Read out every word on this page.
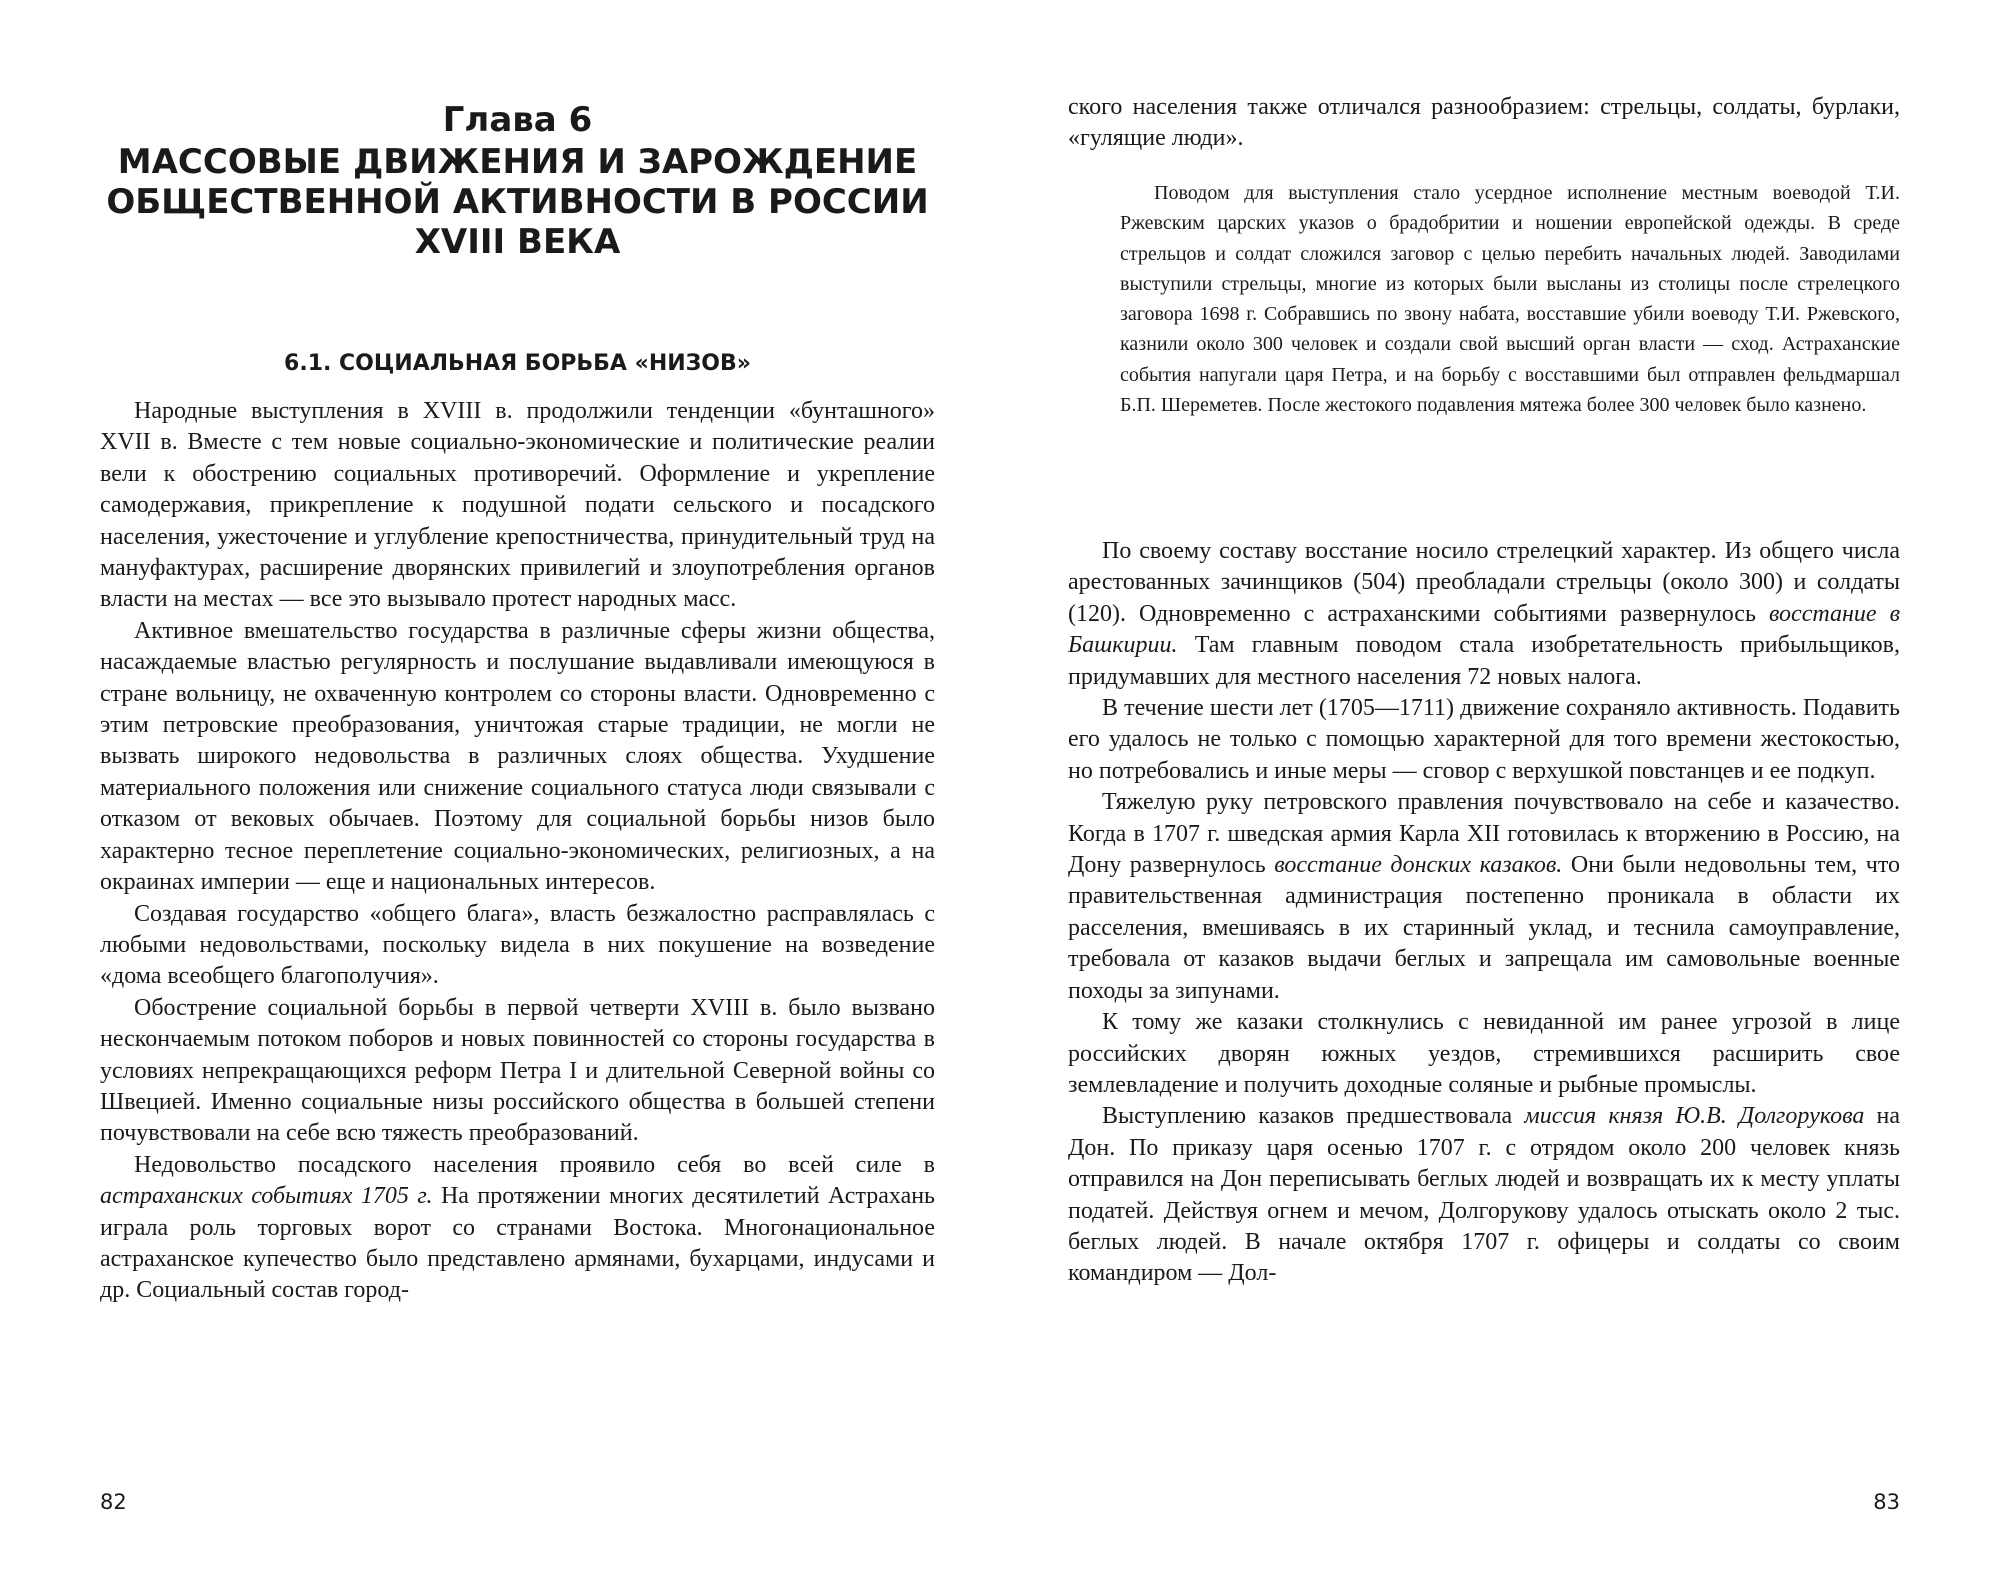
Глава 6
МАССОВЫЕ ДВИЖЕНИЯ И ЗАРОЖДЕНИЕ ОБЩЕСТВЕННОЙ АКТИВНОСТИ В РОССИИ XVIII ВЕКА
6.1. СОЦИАЛЬНАЯ БОРЬБА «НИЗОВ»

Народные выступления в XVIII в. продолжили тенденции «бунташного» XVII в. Вместе с тем новые социально-экономические и политические реалии вели к обострению социальных противоречий. Оформление и укрепление самодержавия, прикрепление к подушной подати сельского и посадского населения, ужесточение и углубление крепостничества, принудительный труд на мануфактурах, расширение дворянских привилегий и злоупотребления органов власти на местах — все это вызывало протест народных масс.

Активное вмешательство государства в различные сферы жизни общества, насаждаемые властью регулярность и послушание выдавливали имеющуюся в стране вольницу, не охваченную контролем со стороны власти. Одновременно с этим петровские преобразования, уничтожая старые традиции, не могли не вызвать широкого недовольства в различных слоях общества. Ухудшение материального положения или снижение социального статуса люди связывали с отказом от вековых обычаев. Поэтому для социальной борьбы низов было характерно тесное переплетение социально-экономических, религиозных, а на окраинах империи — еще и национальных интересов.

Создавая государство «общего блага», власть безжалостно расправлялась с любыми недовольствами, поскольку видела в них покушение на возведение «дома всеобщего благополучия».

Обострение социальной борьбы в первой четверти XVIII в. было вызвано нескончаемым потоком поборов и новых повинностей со стороны государства в условиях непрекращающихся реформ Петра I и длительной Северной войны со Швецией. Именно социальные низы российского общества в большей степени почувствовали на себе всю тяжесть преобразований.

Недовольство посадского населения проявило себя во всей силе в астраханских событиях 1705 г. На протяжении многих десятилетий Астрахань играла роль торговых ворот со странами Востока. Многонациональное астраханское купечество было представлено армянами, бухарцами, индусами и др. Социальный состав город-

82

ского населения также отличался разнообразием: стрельцы, солдаты, бурлаки, «гулящие люди».

Поводом для выступления стало усердное исполнение местным воеводой Т.И. Ржевским царских указов о брадобритии и ношении европейской одежды. В среде стрельцов и солдат сложился заговор с целью перебить начальных людей. Заводилами выступили стрельцы, многие из которых были высланы из столицы после стрелецкого заговора 1698 г. Собравшись по звону набата, восставшие убили воеводу Т.И. Ржевского, казнили около 300 человек и создали свой высший орган власти — сход. Астраханские события напугали царя Петра, и на борьбу с восставшими был отправлен фельдмаршал Б.П. Шереметев. После жестокого подавления мятежа более 300 человек было казнено.

По своему составу восстание носило стрелецкий характер. Из общего числа арестованных зачинщиков (504) преобладали стрельцы (около 300) и солдаты (120). Одновременно с астраханскими событиями развернулось восстание в Башкирии. Там главным поводом стала изобретательность прибыльщиков, придумавших для местного населения 72 новых налога.

В течение шести лет (1705—1711) движение сохраняло активность. Подавить его удалось не только с помощью характерной для того времени жестокостью, но потребовались и иные меры — сговор с верхушкой повстанцев и ее подкуп.

Тяжелую руку петровского правления почувствовало на себе и казачество. Когда в 1707 г. шведская армия Карла XII готовилась к вторжению в Россию, на Дону развернулось восстание донских казаков. Они были недовольны тем, что правительственная администрация постепенно проникала в области их расселения, вмешиваясь в их старинный уклад, и теснила самоуправление, требовала от казаков выдачи беглых и запрещала им самовольные военные походы за зипунами.

К тому же казаки столкнулись с невиданной им ранее угрозой в лице российских дворян южных уездов, стремившихся расширить свое землевладение и получить доходные соляные и рыбные промыслы.

Выступлению казаков предшествовала миссия князя Ю.В. Долгорукова на Дон. По приказу царя осенью 1707 г. с отрядом около 200 человек князь отправился на Дон переписывать беглых людей и возвращать их к месту уплаты податей. Действуя огнем и мечом, Долгорукову удалось отыскать около 2 тыс. беглых людей. В начале октября 1707 г. офицеры и солдаты со своим командиром — Дол-

83
